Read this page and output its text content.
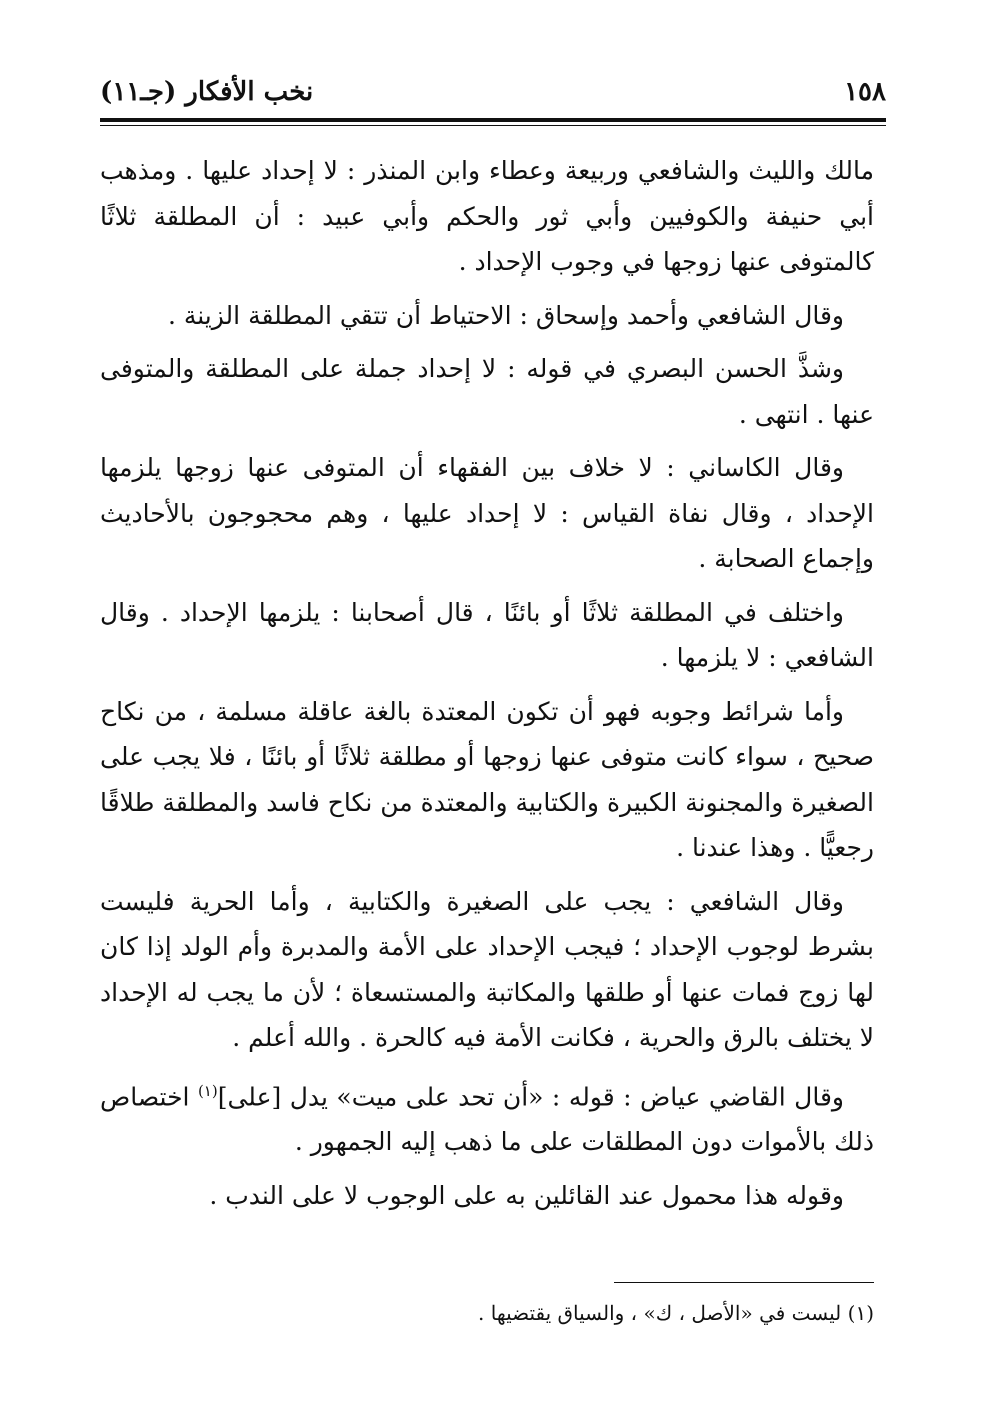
١٥٨
نخب الأفكار (جـ١١)

مالك والليث والشافعي وربيعة وعطاء وابن المنذر : لا إحداد عليها . ومذهب أبي حنيفة والكوفيين وأبي ثور والحكم وأبي عبيد : أن المطلقة ثلاثًا كالمتوفى عنها زوجها في وجوب الإحداد .

وقال الشافعي وأحمد وإسحاق : الاحتياط أن تتقي المطلقة الزينة .

وشذَّ الحسن البصري في قوله : لا إحداد جملة على المطلقة والمتوفى عنها . انتهى .

وقال الكاساني : لا خلاف بين الفقهاء أن المتوفى عنها زوجها يلزمها الإحداد ، وقال نفاة القياس : لا إحداد عليها ، وهم محجوجون بالأحاديث وإجماع الصحابة .

واختلف في المطلقة ثلاثًا أو بائنًا ، قال أصحابنا : يلزمها الإحداد . وقال الشافعي : لا يلزمها .

وأما شرائط وجوبه فهو أن تكون المعتدة بالغة عاقلة مسلمة ، من نكاح صحيح ، سواء كانت متوفى عنها زوجها أو مطلقة ثلاثًا أو بائنًا ، فلا يجب على الصغيرة والمجنونة الكبيرة والكتابية والمعتدة من نكاح فاسد والمطلقة طلاقًا رجعيًّا . وهذا عندنا .

وقال الشافعي : يجب على الصغيرة والكتابية ، وأما الحرية فليست بشرط لوجوب الإحداد ؛ فيجب الإحداد على الأمة والمدبرة وأم الولد إذا كان لها زوج فمات عنها أو طلقها والمكاتبة والمستسعاة ؛ لأن ما يجب له الإحداد لا يختلف بالرق والحرية ، فكانت الأمة فيه كالحرة . والله أعلم .

وقال القاضي عياض : قوله : «أن تحد على ميت» يدل [على]$^{(١)}$ اختصاص ذلك بالأموات دون المطلقات على ما ذهب إليه الجمهور .

وقوله هذا محمول عند القائلين به على الوجوب لا على الندب .

(١) ليست في «الأصل ، ك» ، والسياق يقتضيها .
